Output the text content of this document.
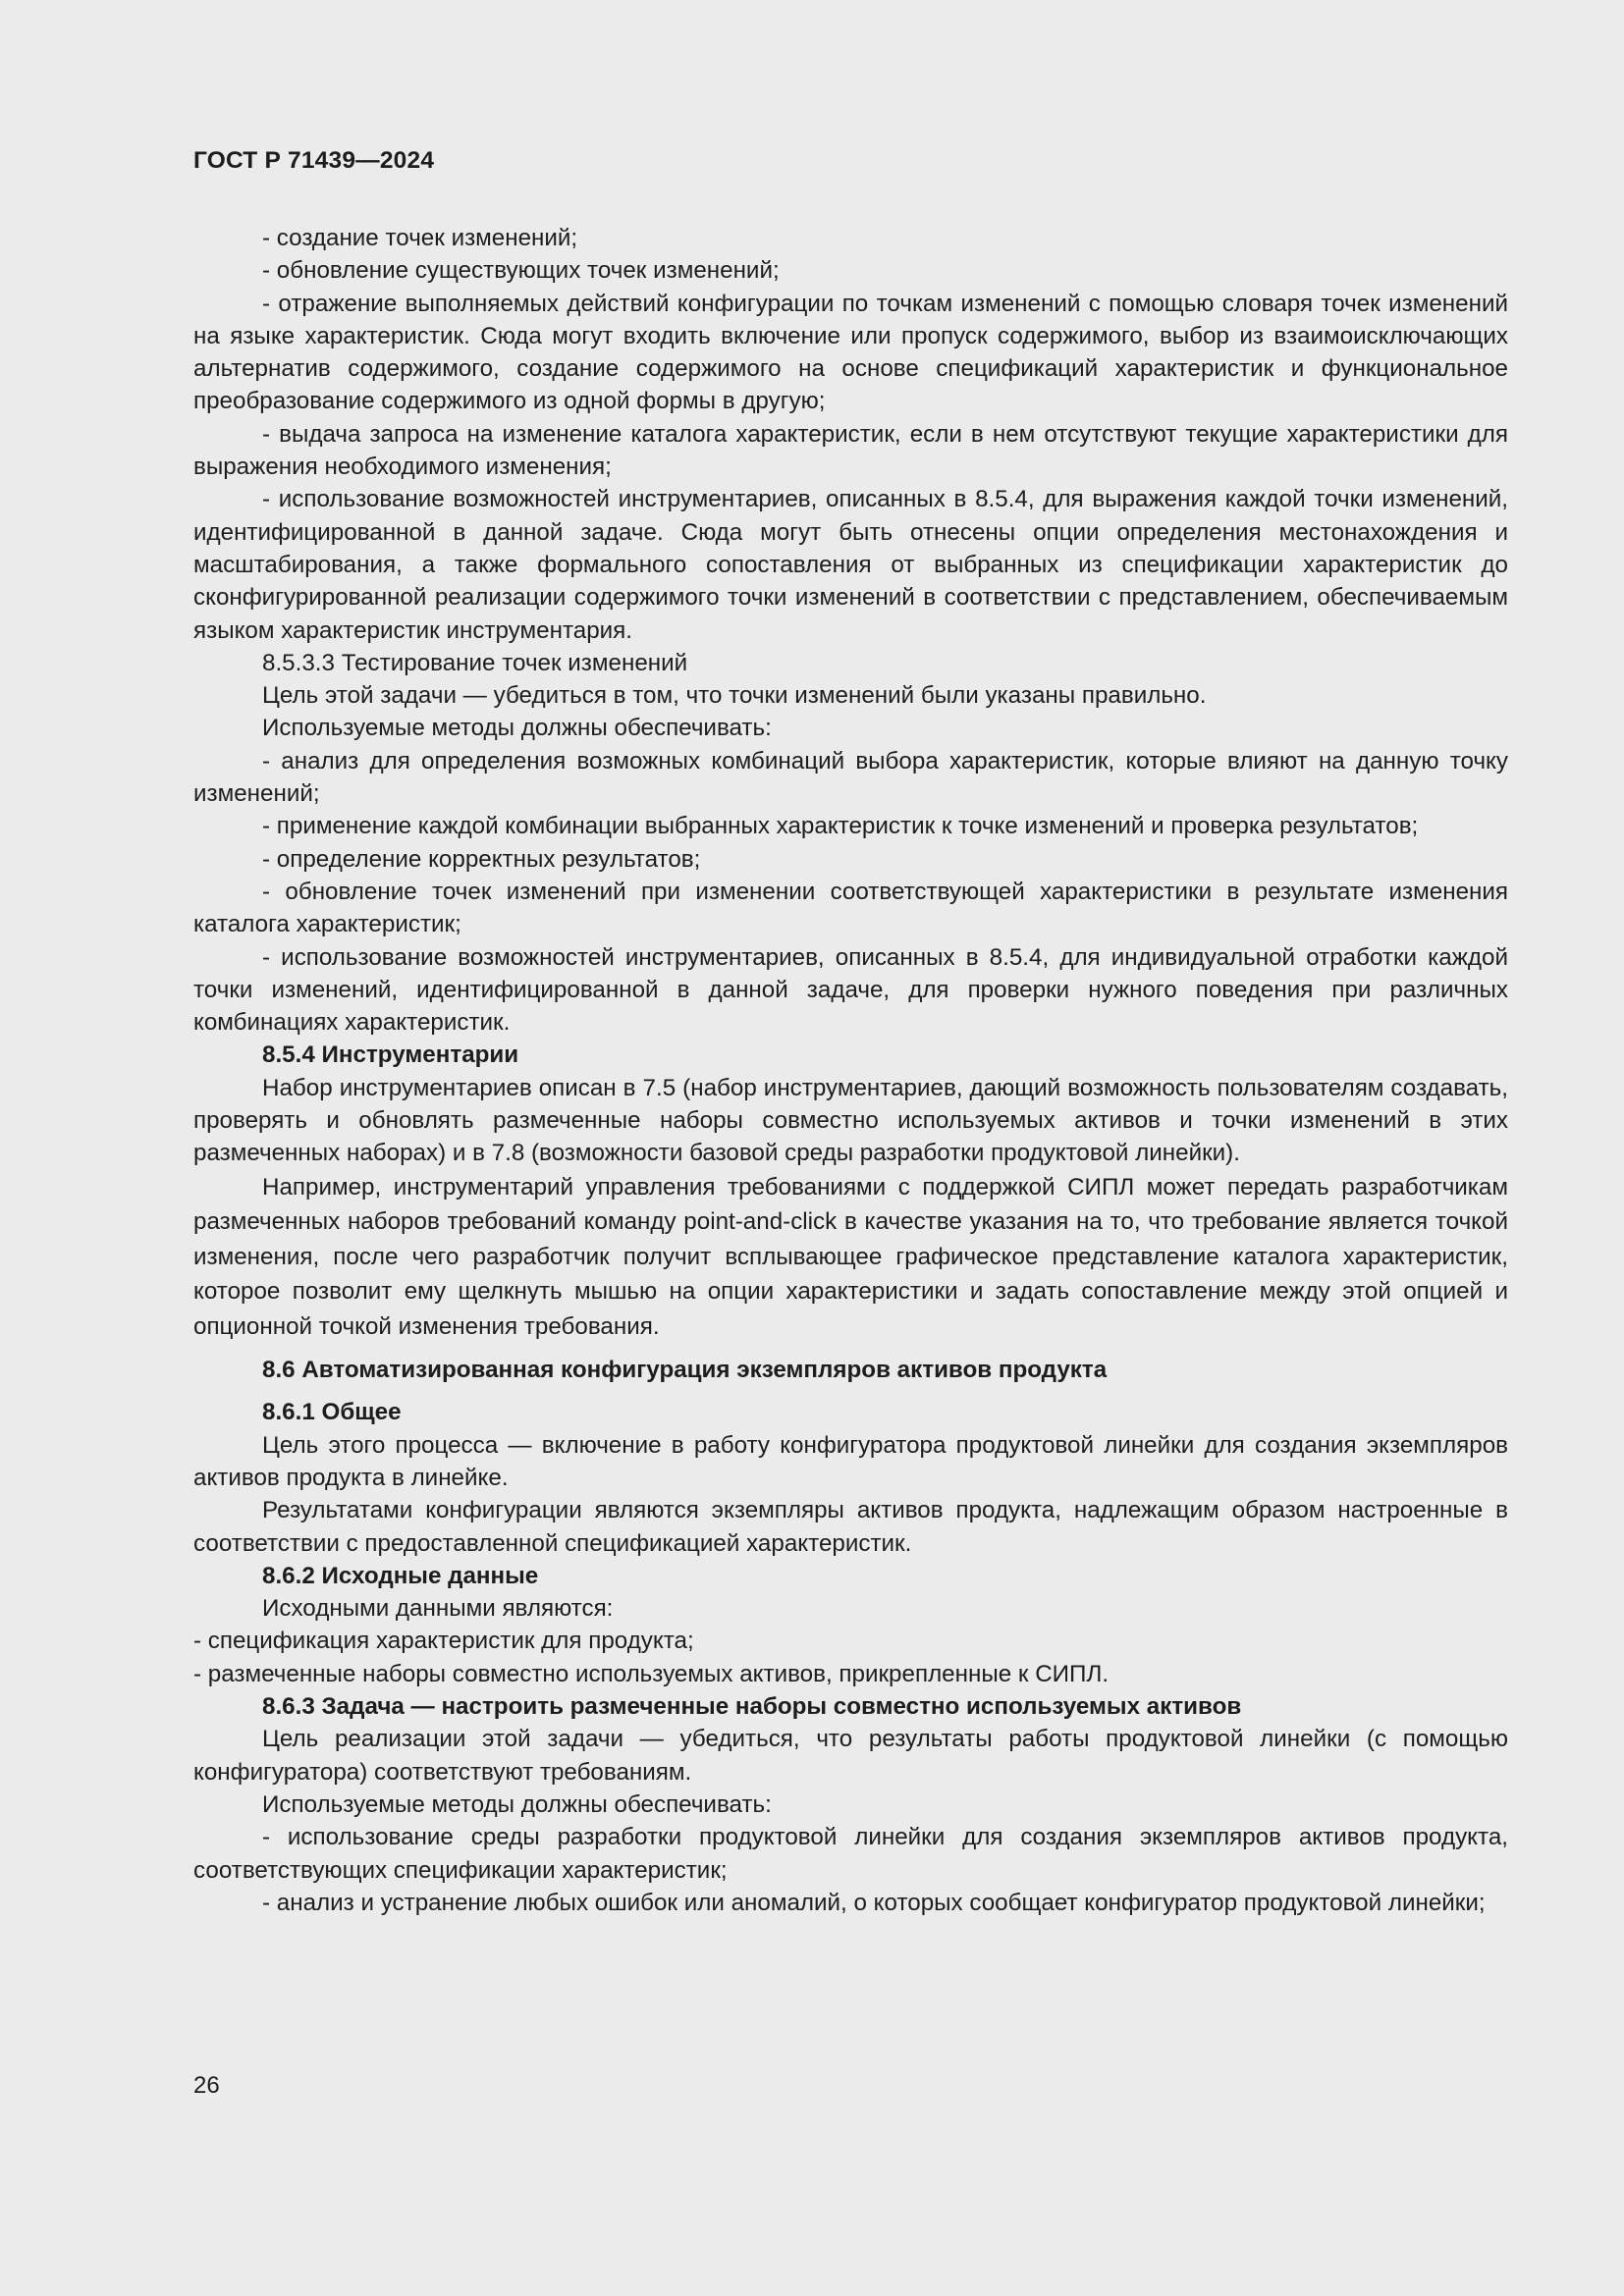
ГОСТ Р 71439—2024

- создание точек изменений;

- обновление существующих точек изменений;

- отражение выполняемых действий конфигурации по точкам изменений с помощью словаря точек изменений на языке характеристик. Сюда могут входить включение или пропуск содержимого, выбор из взаимоисключающих альтернатив содержимого, создание содержимого на основе спецификаций характеристик и функциональное преобразование содержимого из одной формы в другую;

- выдача запроса на изменение каталога характеристик, если в нем отсутствуют текущие характеристики для выражения необходимого изменения;

- использование возможностей инструментариев, описанных в 8.5.4, для выражения каждой точки изменений, идентифицированной в данной задаче. Сюда могут быть отнесены опции определения местонахождения и масштабирования, а также формального сопоставления от выбранных из спецификации характеристик до сконфигурированной реализации содержимого точки изменений в соответствии с представлением, обеспечиваемым языком характеристик инструментария.

8.5.3.3 Тестирование точек изменений

Цель этой задачи — убедиться в том, что точки изменений были указаны правильно.

Используемые методы должны обеспечивать:

- анализ для определения возможных комбинаций выбора характеристик, которые влияют на данную точку изменений;

- применение каждой комбинации выбранных характеристик к точке изменений и проверка результатов;

- определение корректных результатов;

- обновление точек изменений при изменении соответствующей характеристики в результате изменения каталога характеристик;

- использование возможностей инструментариев, описанных в 8.5.4, для индивидуальной отработки каждой точки изменений, идентифицированной в данной задаче, для проверки нужного поведения при различных комбинациях характеристик.

8.5.4 Инструментарии

Набор инструментариев описан в 7.5 (набор инструментариев, дающий возможность пользователям создавать, проверять и обновлять размеченные наборы совместно используемых активов и точки изменений в этих размеченных наборах) и в 7.8 (возможности базовой среды разработки продуктовой линейки).

Например, инструментарий управления требованиями с поддержкой СИПЛ может передать разработчикам размеченных наборов требований команду point-and-click в качестве указания на то, что требование является точкой изменения, после чего разработчик получит всплывающее графическое представление каталога характеристик, которое позволит ему щелкнуть мышью на опции характеристики и задать сопоставление между этой опцией и опционной точкой изменения требования.

8.6 Автоматизированная конфигурация экземпляров активов продукта

8.6.1 Общее

Цель этого процесса — включение в работу конфигуратора продуктовой линейки для создания экземпляров активов продукта в линейке.

Результатами конфигурации являются экземпляры активов продукта, надлежащим образом настроенные в соответствии с предоставленной спецификацией характеристик.

8.6.2 Исходные данные

Исходными данными являются:

- спецификация характеристик для продукта;

- размеченные наборы совместно используемых активов, прикрепленные к СИПЛ.

8.6.3 Задача — настроить размеченные наборы совместно используемых активов

Цель реализации этой задачи — убедиться, что результаты работы продуктовой линейки (с помощью конфигуратора) соответствуют требованиям.

Используемые методы должны обеспечивать:

- использование среды разработки продуктовой линейки для создания экземпляров активов продукта, соответствующих спецификации характеристик;

- анализ и устранение любых ошибок или аномалий, о которых сообщает конфигуратор продуктовой линейки;

26
